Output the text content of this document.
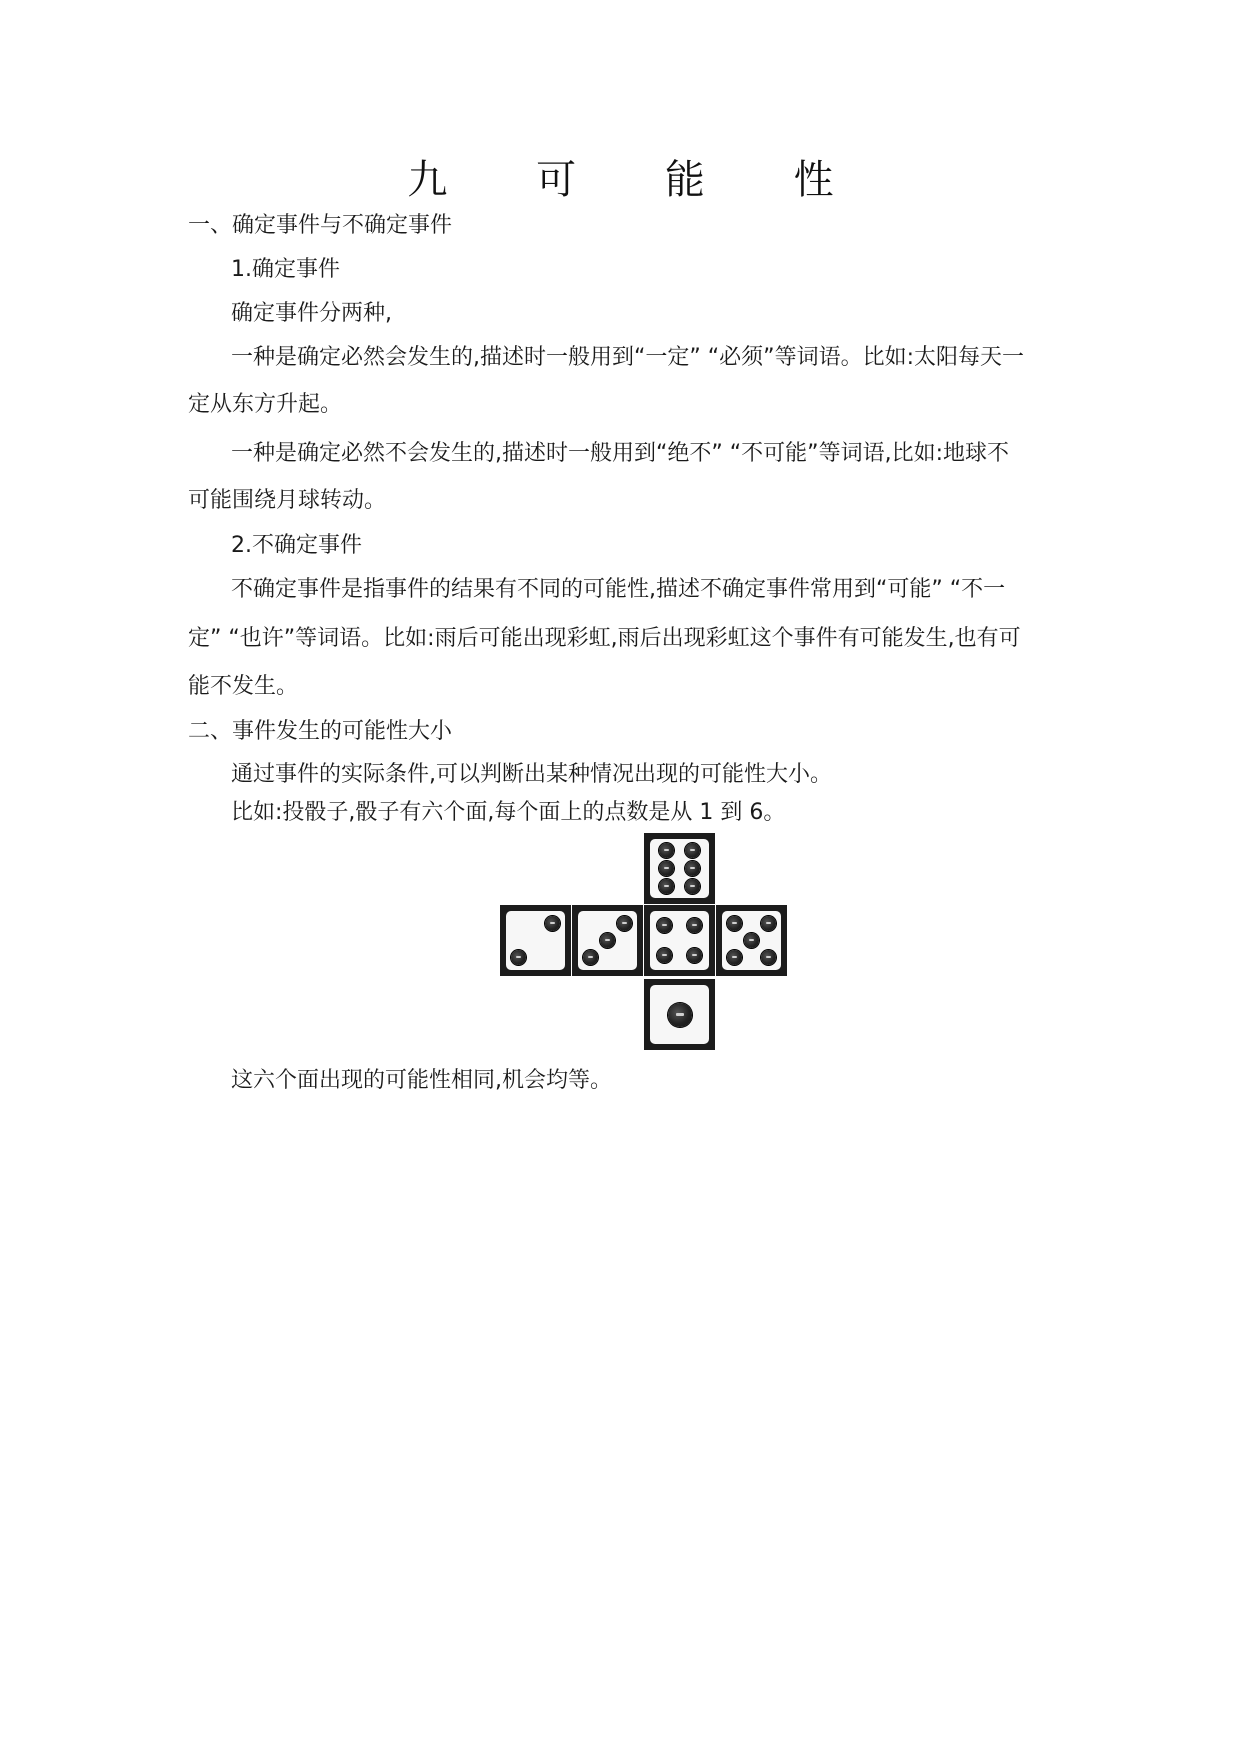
九 可 能 性
一、确定事件与不确定事件
1.确定事件
确定事件分两种,
一种是确定必然会发生的,描述时一般用到“一定” “必须”等词语。比如:太阳每天一
定从东方升起。
一种是确定必然不会发生的,描述时一般用到“绝不” “不可能”等词语,比如:地球不
可能围绕月球转动。
2.不确定事件
不确定事件是指事件的结果有不同的可能性,描述不确定事件常用到“可能” “不一
定” “也许”等词语。比如:雨后可能出现彩虹,雨后出现彩虹这个事件有可能发生,也有可
能不发生。
二、事件发生的可能性大小
通过事件的实际条件,可以判断出某种情况出现的可能性大小。
比如:投骰子,骰子有六个面,每个面上的点数是从 1 到 6。
这六个面出现的可能性相同,机会均等。
